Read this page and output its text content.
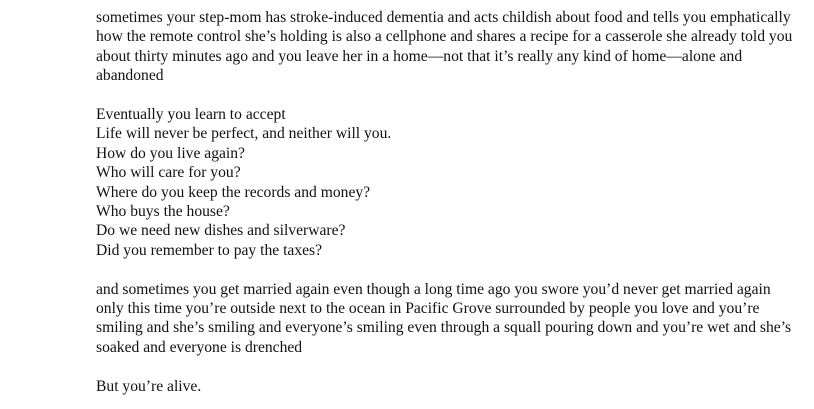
sometimes your step-mom has stroke-induced dementia and acts childish about food and tells you emphatically how the remote control she’s holding is also a cellphone and shares a recipe for a casserole she already told you about thirty minutes ago and you leave her in a home—not that it’s really any kind of home—alone and abandoned

Eventually you learn to accept
Life will never be perfect, and neither will you.
How do you live again?
Who will care for you?
Where do you keep the records and money?
Who buys the house?
Do we need new dishes and silverware?
Did you remember to pay the taxes?

and sometimes you get married again even though a long time ago you swore you’d never get married again only this time you’re outside next to the ocean in Pacific Grove surrounded by people you love and you’re smiling and she’s smiling and everyone’s smiling even through a squall pouring down and you’re wet and she’s soaked and everyone is drenched

But you’re alive.
